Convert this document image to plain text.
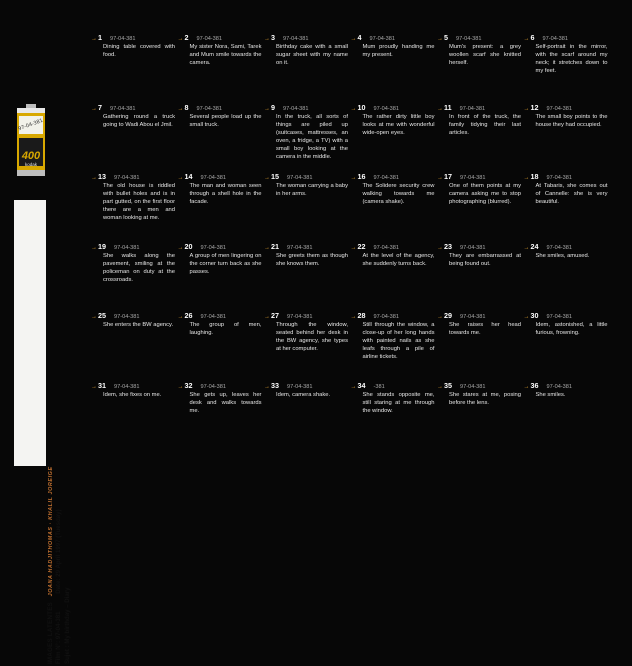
97-04-381
400
kodak
IMAGES LATENTES JOANA HADJITHOMAS · KHALIL JOREIGE
Film N°: 97-04-381 Date: 29 April 1997 (Tuesday)
Sujet : My birthday – Diary
→1 97-04-381
Dining table covered with food.
→2 97-04-381
My sister Nora, Sami, Tarek and Mum smile towards the camera.
→3 97-04-381
Birthday cake with a small sugar sheet with my name on it.
→4 97-04-381
Mum proudly handing me my present.
→5 97-04-381
Mum's present: a grey woollen scarf she knitted herself.
→6 97-04-381
Self-portrait in the mirror, with the scarf around my neck; it stretches down to my feet.
→7 97-04-381
Gathering round a truck going to Wadi Abou el Jmil.
→8 97-04-381
Several people load up the small truck.
→9 97-04-381
In the truck, all sorts of things are piled up (suitcases, mattresses, an oven, a fridge, a TV) with a small boy looking at the camera in the middle.
→10 97-04-381
The rather dirty little boy looks at me with wonderful wide-open eyes.
→11 97-04-381
In front of the truck, the family tidying their last articles.
→12 97-04-381
The small boy points to the house they had occupied.
→13 97-04-381
The old house is riddled with bullet holes and is in part gutted, on the first floor there are a men and woman looking at me.
→14 97-04-381
The man and woman seen through a shell hole in the facade.
→15 97-04-381
The woman carrying a baby in her arms.
→16 97-04-381
The Solidere security crew walking towards me (camera shake).
→17 97-04-381
One of them points at my camera asking me to stop photographing (blurred).
→18 97-04-381
At Tabaris, she comes out of Cannelle: she is very beautiful.
→19 97-04-381
She walks along the pavement, smiling at the policeman on duty at the crossroads.
→20 97-04-381
A group of men lingering on the corner turn back as she passes.
→21 97-04-381
She greets them as though she knows them.
→22 97-04-381
At the level of the agency, she suddenly turns back.
→23 97-04-381
They are embarrassed at being found out.
→24 97-04-381
She smiles, amused.
→25 97-04-381
She enters the BW agency.
→26 97-04-381
The group of men, laughing.
→27 97-04-381
Through the window, seated behind her desk in the BW agency, she types at her computer.
→28 97-04-381
Still through the window, a close-up of her long hands with painted nails as she leafs through a pile of airline tickets.
→29 97-04-381
She raises her head towards me.
→30 97-04-381
Idem, astonished, a little furious, frowning.
→31 97-04-381
Idem, she fixes on me.
→32 97-04-381
She gets up, leaves her desk and walks towards me.
→33 97-04-381
Idem, camera shake.
→34 -381
She stands opposite me, still staring at me through the window.
→35 97-04-381
She stares at me, posing before the lens.
→36 97-04-381
She smiles.
